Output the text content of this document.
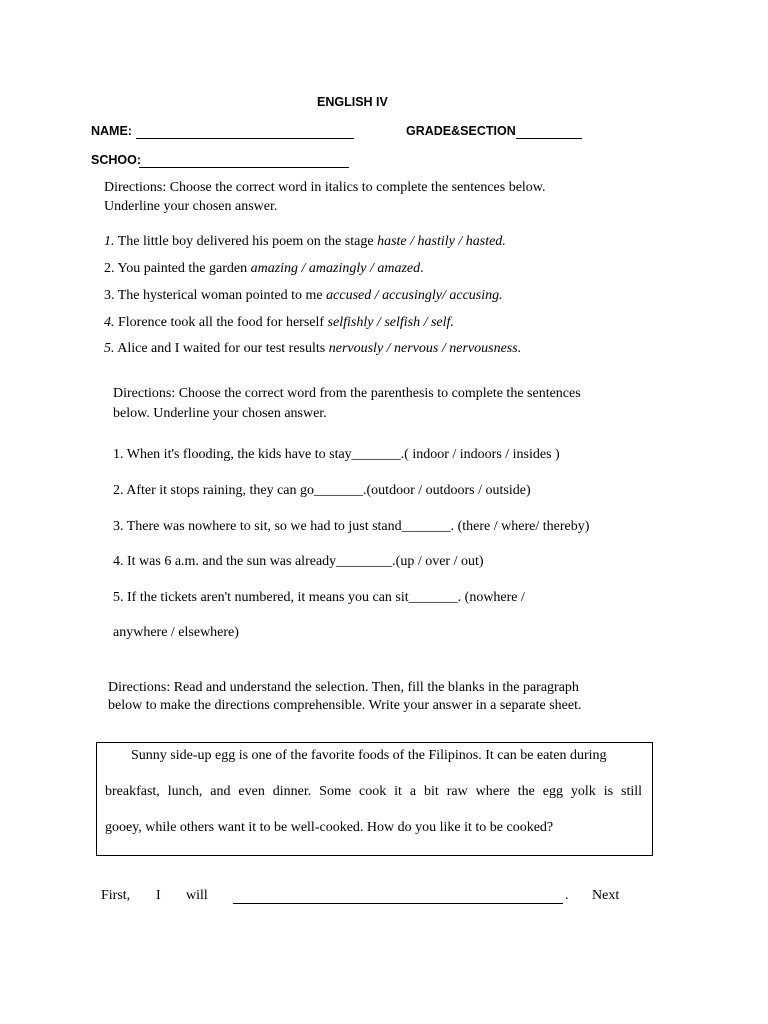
ENGLISH IV
NAME:	GRADE&SECTION
SCHOO:
Directions: Choose the correct word in italics to complete the sentences below.
Underline your chosen answer.
1. The little boy delivered his poem on the stage haste / hastily / hasted.
2. You painted the garden amazing / amazingly / amazed.
3. The hysterical woman pointed to me accused / accusingly/ accusing.
4. Florence took all the food for herself selfishly / selfish / self.
5. Alice and I waited for our test results nervously / nervous / nervousness.
Directions: Choose the correct word from the parenthesis to complete the sentences
below. Underline your chosen answer.
1. When it's flooding, the kids have to stay_______.( indoor / indoors / insides )
2. After it stops raining, they can go_______.(outdoor / outdoors / outside)
3. There was nowhere to sit, so we had to just stand_______. (there / where/ thereby)
4. It was 6 a.m. and the sun was already________.(up / over / out)
5. If the tickets aren't numbered, it means you can sit_______. (nowhere /
anywhere / elsewhere)
Directions: Read and understand the selection. Then, fill the blanks in the paragraph
below to make the directions comprehensible. Write your answer in a separate sheet.
Sunny side-up egg is one of the favorite foods of the Filipinos. It can be eaten during
breakfast, lunch, and even dinner. Some cook it a bit raw where the egg yolk is still
gooey, while others want it to be well-cooked. How do you like it to be cooked?
First, I will	. Next
